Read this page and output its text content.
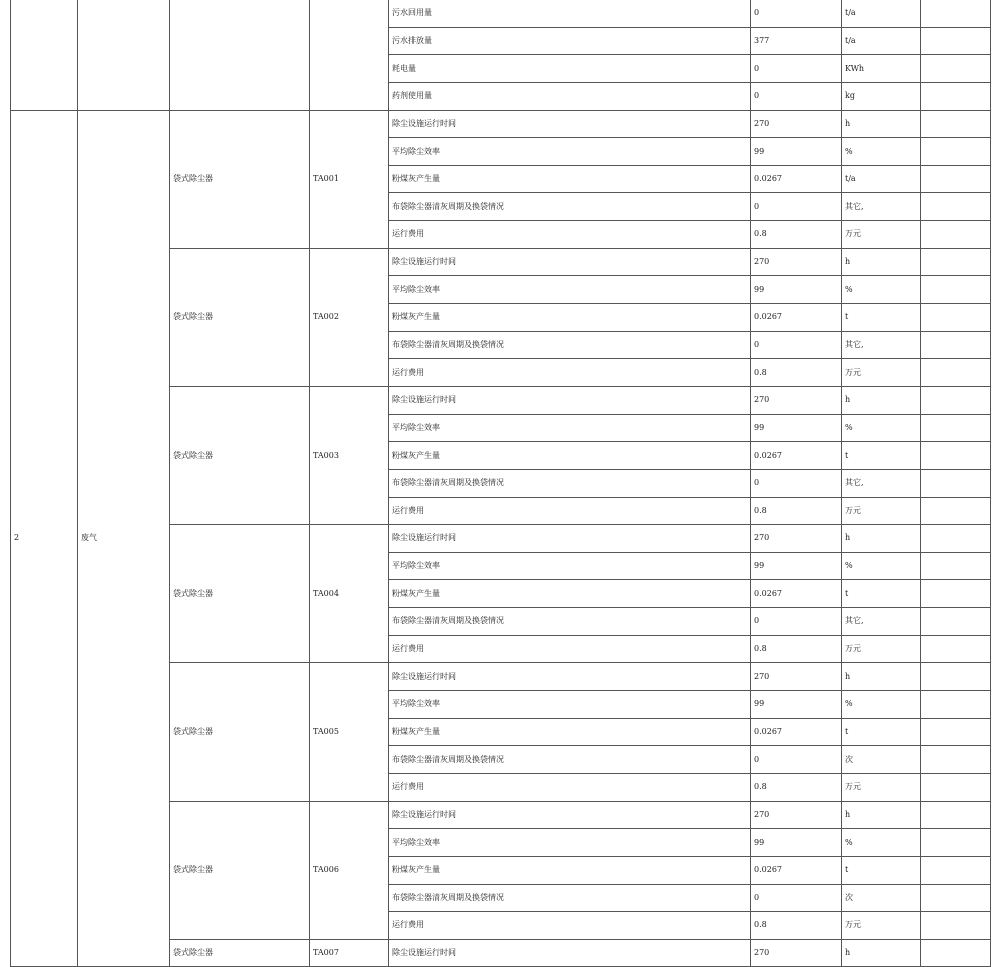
				污水回用量	0	t/a	
				污水排放量	377	t/a	
				耗电量	0	KWh	
				药剂使用量	0	kg	
2	废气	袋式除尘器	TA001	除尘设施运行时间	270	h	
				平均除尘效率	99	%	
				粉煤灰产生量	0.0267	t/a	
				布袋除尘器清灰周期及换袋情况	0	其它,	
				运行费用	0.8	万元	
		袋式除尘器	TA002	除尘设施运行时间	270	h	
				平均除尘效率	99	%	
				粉煤灰产生量	0.0267	t	
				布袋除尘器清灰周期及换袋情况	0	其它,	
				运行费用	0.8	万元	
		袋式除尘器	TA003	除尘设施运行时间	270	h	
				平均除尘效率	99	%	
				粉煤灰产生量	0.0267	t	
				布袋除尘器清灰周期及换袋情况	0	其它,	
				运行费用	0.8	万元	
		袋式除尘器	TA004	除尘设施运行时间	270	h	
				平均除尘效率	99	%	
				粉煤灰产生量	0.0267	t	
				布袋除尘器清灰周期及换袋情况	0	其它,	
				运行费用	0.8	万元	
		袋式除尘器	TA005	除尘设施运行时间	270	h	
				平均除尘效率	99	%	
				粉煤灰产生量	0.0267	t	
				布袋除尘器清灰周期及换袋情况	0	次	
				运行费用	0.8	万元	
		袋式除尘器	TA006	除尘设施运行时间	270	h	
				平均除尘效率	99	%	
				粉煤灰产生量	0.0267	t	
				布袋除尘器清灰周期及换袋情况	0	次	
				运行费用	0.8	万元	
		袋式除尘器	TA007	除尘设施运行时间	270	h	
